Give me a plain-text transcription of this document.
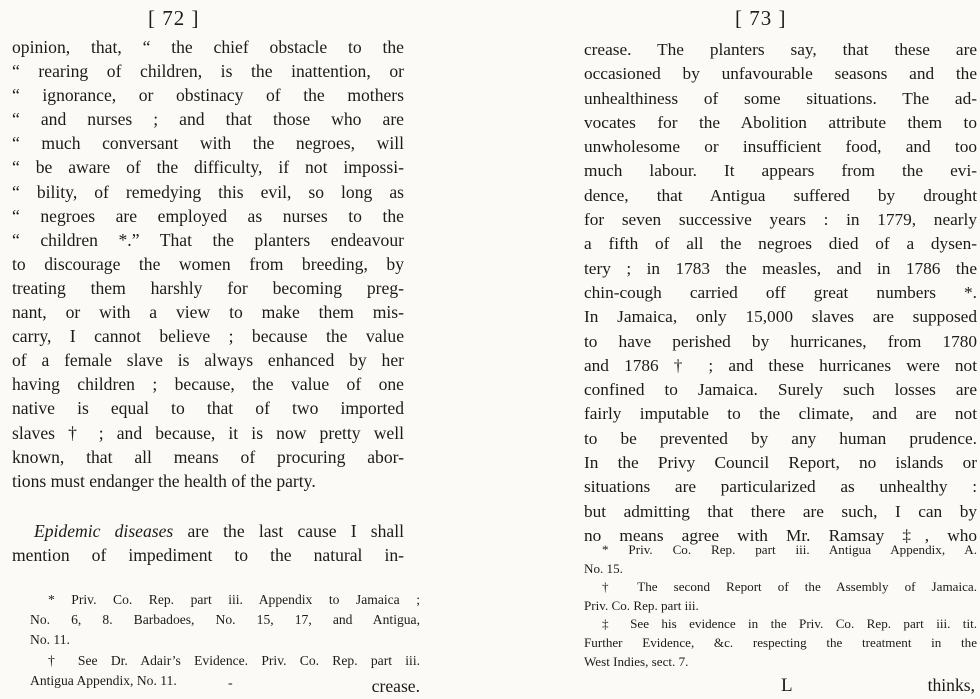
[ 72 ]
opinion, that, “ the chief obstacle to the
“ rearing of children, is the inattention, or
“ ignorance, or obstinacy of the mothers
“ and nurses ; and that those who are
“ much conversant with the negroes, will
“ be aware of the difficulty, if not impossi-
“ bility, of remedying this evil, so long as
“ negroes are employed as nurses to the
“ children *.” That the planters endeavour
to discourage the women from breeding, by
treating them harshly for becoming preg-
nant, or with a view to make them mis-
carry, I cannot believe ; because the value
of a female slave is always enhanced by her
having children ; because, the value of one
native is equal to that of two imported
slaves † ; and because, it is now pretty well
known, that all means of procuring abor-
tions must endanger the health of the party.
Epidemic diseases are the last cause I shall
mention of impediment to the natural in-
* Priv. Co. Rep. part iii. Appendix to Jamaica ;
No. 6, 8. Barbadoes, No. 15, 17, and Antigua,
No. 11.
† See Dr. Adair’s Evidence. Priv. Co. Rep. part iii.
Antigua Appendix, No. 11.	-	crease.
[ 73 ]
crease. The planters say, that these are
occasioned by unfavourable seasons and the
unhealthiness of some situations. The ad-
vocates for the Abolition attribute them to
unwholesome or insufficient food, and too
much labour. It appears from the evi-
dence, that Antigua suffered by drought
for seven successive years : in 1779, nearly
a fifth of all the negroes died of a dysen-
tery ; in 1783 the measles, and in 1786 the
chin-cough carried off great numbers *.
In Jamaica, only 15,000 slaves are supposed
to have perished by hurricanes, from 1780
and 1786 † ; and these hurricanes were not
confined to Jamaica. Surely such losses are
fairly imputable to the climate, and are not
to be prevented by any human prudence.
In the Privy Council Report, no islands or
situations are particularized as unhealthy :
but admitting that there are such, I can by
no means agree with Mr. Ramsay ‡, who
* Priv. Co. Rep. part iii. Antigua Appendix, A.
No. 15.
† The second Report of the Assembly of Jamaica.
Priv. Co. Rep. part iii.
‡ See his evidence in the Priv. Co. Rep. part iii. tit.
Further Evidence, &c. respecting the treatment in the
West Indies, sect. 7.
L	thinks,
